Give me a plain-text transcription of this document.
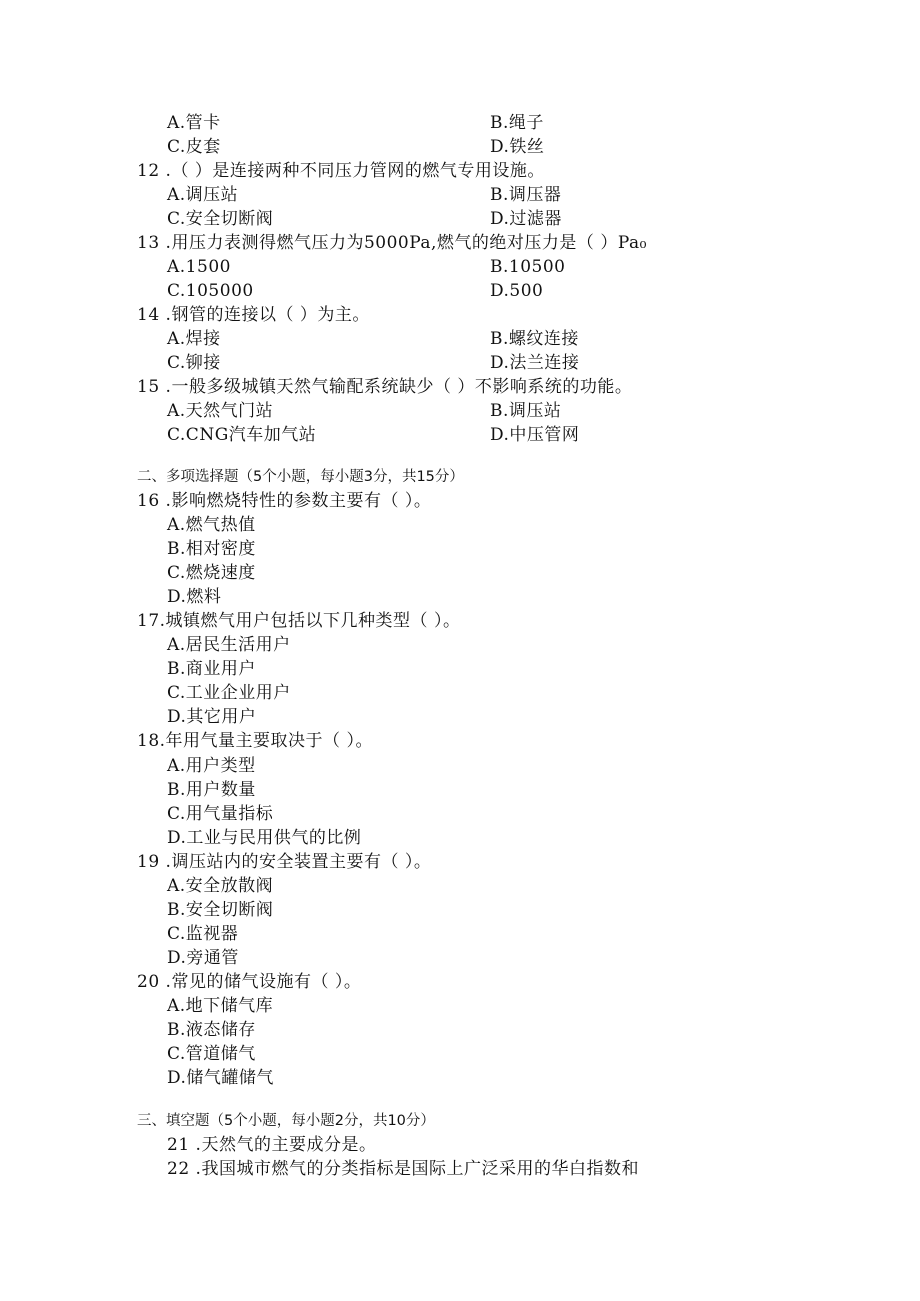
A.管卡	B.绳子
C.皮套	D.铁丝
12 .（ ）是连接两种不同压力管网的燃气专用设施。
A.调压站	B.调压器
C.安全切断阀	D.过滤器
13 .用压力表测得燃气压力为5000Pa,燃气的绝对压力是（ ）Pa₀
A.1500	B.10500
C.105000	D.500
14 .钢管的连接以（ ）为主。
A.焊接	B.螺纹连接
C.铆接	D.法兰连接
15 .一般多级城镇天然气输配系统缺少（ ）不影响系统的功能。
A.天然气门站	B.调压站
C.CNG汽车加气站	D.中压管网
二、多项选择题（5个小题，每小题3分，共15分）
16 .影响燃烧特性的参数主要有（ ）。
A.燃气热值
B.相对密度
C.燃烧速度
D.燃料
17.城镇燃气用户包括以下几种类型（ ）。
A.居民生活用户
B.商业用户
C.工业企业用户
D.其它用户
18.年用气量主要取决于（ ）。
A.用户类型
B.用户数量
C.用气量指标
D.工业与民用供气的比例
19 .调压站内的安全装置主要有（ ）。
A.安全放散阀
B.安全切断阀
C.监视器
D.旁通管
20 .常见的储气设施有（ ）。
A.地下储气库
B.液态储存
C.管道储气
D.储气罐储气
三、填空题（5个小题，每小题2分，共10分）
21 .天然气的主要成分是。
22 .我国城市燃气的分类指标是国际上广泛采用的华白指数和
